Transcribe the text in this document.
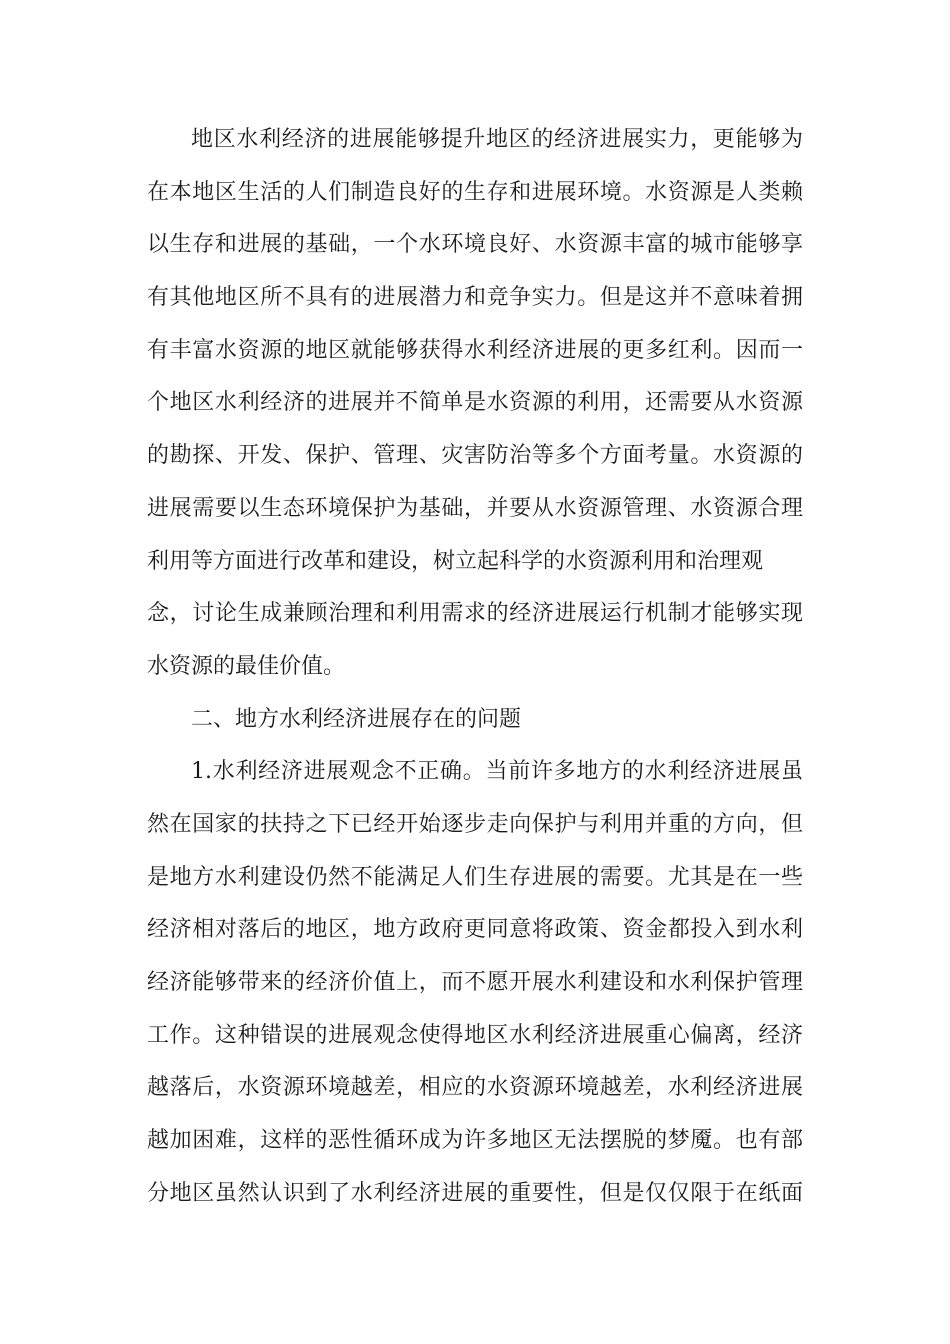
地区水利经济的进展能够提升地区的经济进展实力，更能够为
在本地区生活的人们制造良好的生存和进展环境。水资源是人类赖
以生存和进展的基础，一个水环境良好、水资源丰富的城市能够享
有其他地区所不具有的进展潜力和竞争实力。但是这并不意味着拥
有丰富水资源的地区就能够获得水利经济进展的更多红利。因而一
个地区水利经济的进展并不简单是水资源的利用，还需要从水资源
的勘探、开发、保护、管理、灾害防治等多个方面考量。水资源的
进展需要以生态环境保护为基础，并要从水资源管理、水资源合理
利用等方面进行改革和建设，树立起科学的水资源利用和治理观
念，讨论生成兼顾治理和利用需求的经济进展运行机制才能够实现
水资源的最佳价值。
二、地方水利经济进展存在的问题
1.水利经济进展观念不正确。当前许多地方的水利经济进展虽
然在国家的扶持之下已经开始逐步走向保护与利用并重的方向，但
是地方水利建设仍然不能满足人们生存进展的需要。尤其是在一些
经济相对落后的地区，地方政府更同意将政策、资金都投入到水利
经济能够带来的经济价值上，而不愿开展水利建设和水利保护管理
工作。这种错误的进展观念使得地区水利经济进展重心偏离，经济
越落后，水资源环境越差，相应的水资源环境越差，水利经济进展
越加困难，这样的恶性循环成为许多地区无法摆脱的梦魇。也有部
分地区虽然认识到了水利经济进展的重要性，但是仅仅限于在纸面
